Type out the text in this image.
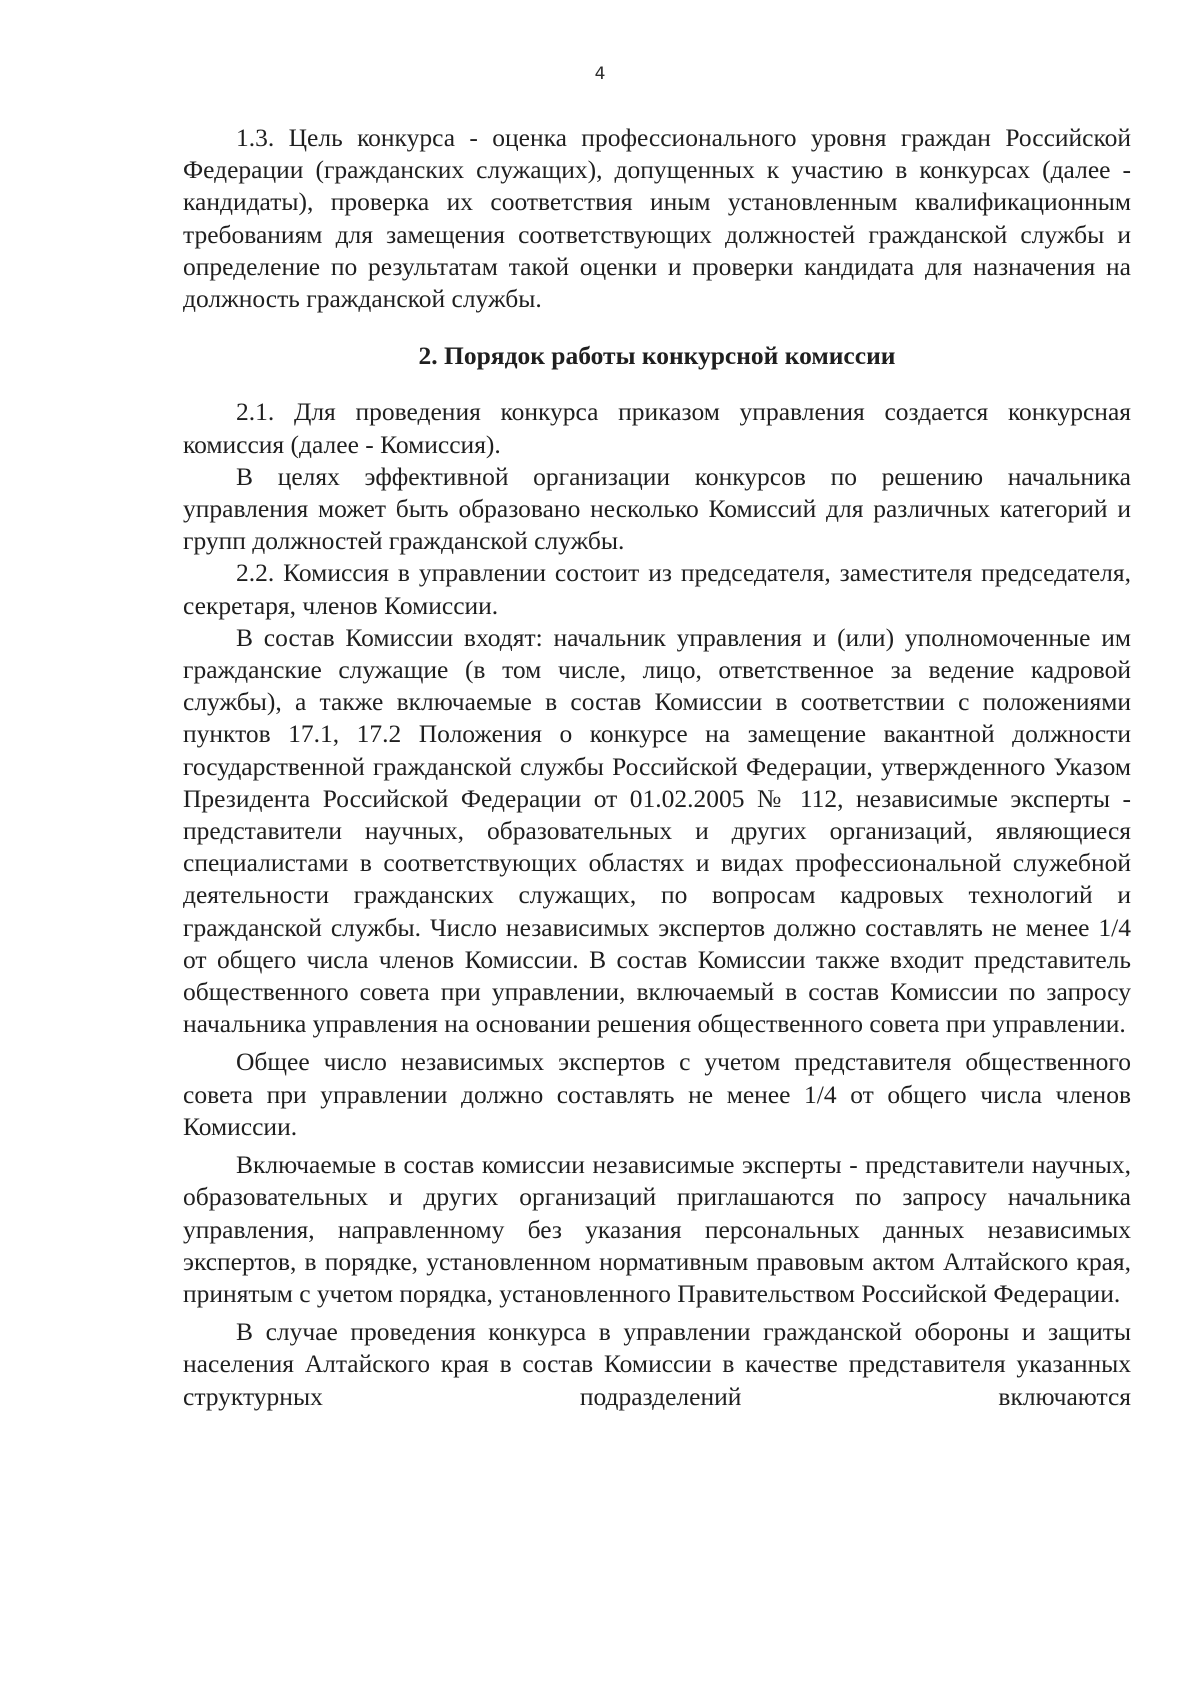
4

1.3. Цель конкурса - оценка профессионального уровня граждан Российской Федерации (гражданских служащих), допущенных к участию в конкурсах (далее - кандидаты), проверка их соответствия иным установленным квалификационным требованиям для замещения соответствующих должностей гражданской службы и определение по результатам такой оценки и проверки кандидата для назначения на должность гражданской службы.

2. Порядок работы конкурсной комиссии

2.1. Для проведения конкурса приказом управления создается конкурсная комиссия (далее - Комиссия).

В целях эффективной организации конкурсов по решению начальника управления может быть образовано несколько Комиссий для различных категорий и групп должностей гражданской службы.

2.2. Комиссия в управлении состоит из председателя, заместителя председателя, секретаря, членов Комиссии.

В состав Комиссии входят: начальник управления и (или) уполномоченные им гражданские служащие (в том числе, лицо, ответственное за ведение кадровой службы), а также включаемые в состав Комиссии в соответствии с положениями пунктов 17.1, 17.2 Положения о конкурсе на замещение вакантной должности государственной гражданской службы Российской Федерации, утвержденного Указом Президента Российской Федерации от 01.02.2005 № 112, независимые эксперты - представители научных, образовательных и других организаций, являющиеся специалистами в соответствующих областях и видах профессиональной служебной деятельности гражданских служащих, по вопросам кадровых технологий и гражданской службы. Число независимых экспертов должно составлять не менее 1/4 от общего числа членов Комиссии. В состав Комиссии также входит представитель общественного совета при управлении, включаемый в состав Комиссии по запросу начальника управления на основании решения общественного совета при управлении.

Общее число независимых экспертов с учетом представителя общественного совета при управлении должно составлять не менее 1/4 от общего числа членов Комиссии.

Включаемые в состав комиссии независимые эксперты - представители научных, образовательных и других организаций приглашаются по запросу начальника управления, направленному без указания персональных данных независимых экспертов, в порядке, установленном нормативным правовым актом Алтайского края, принятым с учетом порядка, установленного Правительством Российской Федерации.

В случае проведения конкурса в управлении гражданской обороны и защиты населения Алтайского края в состав Комиссии в качестве представителя указанных структурных подразделений включаются
